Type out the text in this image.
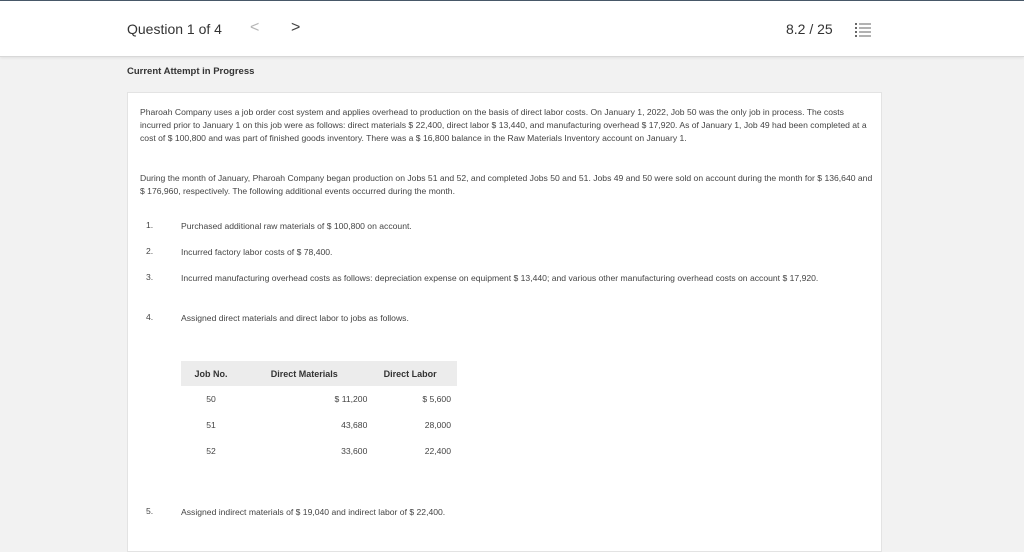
Question 1 of 4 < >	8.2 / 25
Current Attempt in Progress

Pharoah Company uses a job order cost system and applies overhead to production on the basis of direct labor costs. On January 1, 2022, Job 50 was the only job in process. The costs incurred prior to January 1 on this job were as follows: direct materials $ 22,400, direct labor $ 13,440, and manufacturing overhead $ 17,920. As of January 1, Job 49 had been completed at a cost of $ 100,800 and was part of finished goods inventory. There was a $ 16,800 balance in the Raw Materials Inventory account on January 1.

During the month of January, Pharoah Company began production on Jobs 51 and 52, and completed Jobs 50 and 51. Jobs 49 and 50 were sold on account during the month for $ 136,640 and $ 176,960, respectively. The following additional events occurred during the month.

1.	Purchased additional raw materials of $ 100,800 on account.
2.	Incurred factory labor costs of $ 78,400.
3.	Incurred manufacturing overhead costs as follows: depreciation expense on equipment $ 13,440; and various other manufacturing overhead costs on account $ 17,920.
4.	Assigned direct materials and direct labor to jobs as follows.
Job No.	Direct Materials	Direct Labor
50	$ 11,200	$ 5,600
51	43,680	28,000
52	33,600	22,400
5.	Assigned indirect materials of $ 19,040 and indirect labor of $ 22,400.
